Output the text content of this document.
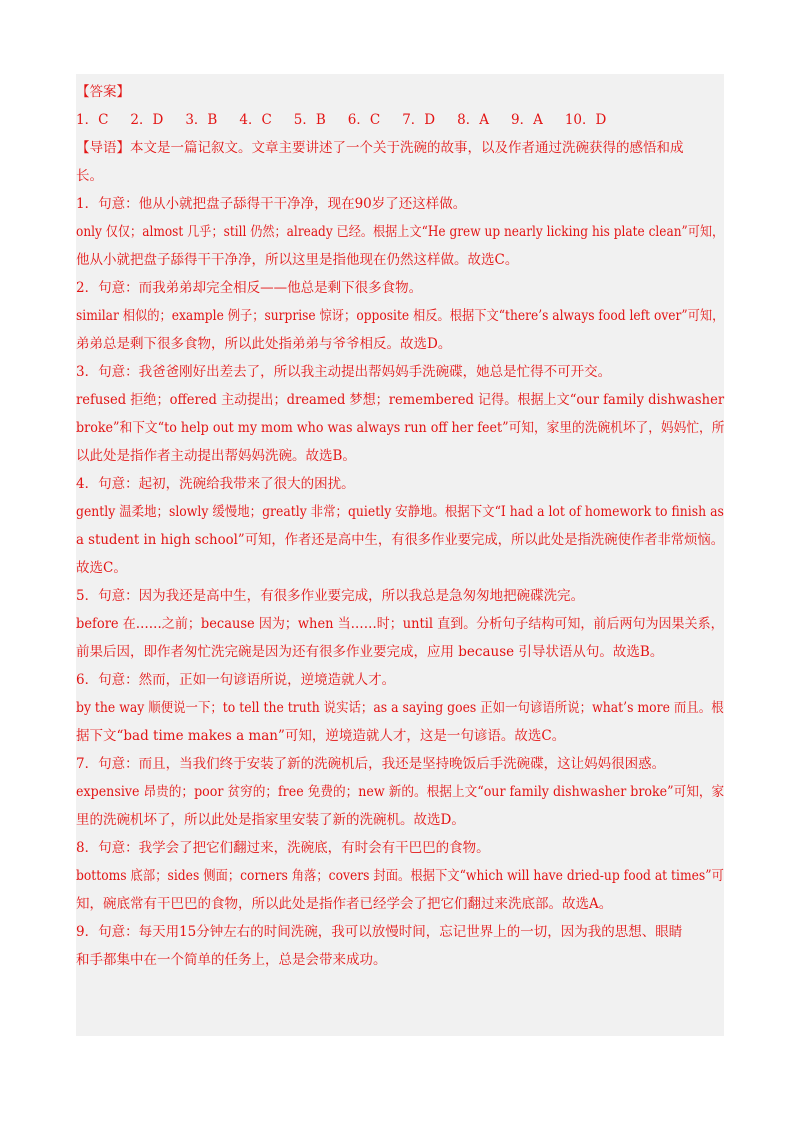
【答案】
1．C 2．D 3．B 4．C 5．B 6．C 7．D 8．A 9．A 10．D
【导语】本文是一篇记叙文。文章主要讲述了一个关于洗碗的故事，以及作者通过洗碗获得的感悟和成
长。
1．句意：他从小就把盘子舔得干干净净，现在90岁了还这样做。
only 仅仅；almost 几乎；still 仍然；already 已经。根据上文“He grew up nearly licking his plate clean”可知，
他从小就把盘子舔得干干净净，所以这里是指他现在仍然这样做。故选C。
2．句意：而我弟弟却完全相反——他总是剩下很多食物。
similar 相似的；example 例子；surprise 惊讶；opposite 相反。根据下文“there’s always food left over”可知，
弟弟总是剩下很多食物，所以此处指弟弟与爷爷相反。故选D。
3．句意：我爸爸刚好出差去了，所以我主动提出帮妈妈手洗碗碟，她总是忙得不可开交。
refused 拒绝；offered 主动提出；dreamed 梦想；remembered 记得。根据上文“our family dishwasher
broke”和下文“to help out my mom who was always run off her feet”可知，家里的洗碗机坏了，妈妈忙，所
以此处是指作者主动提出帮妈妈洗碗。故选B。
4．句意：起初，洗碗给我带来了很大的困扰。
gently 温柔地；slowly 缓慢地；greatly 非常；quietly 安静地。根据下文“I had a lot of homework to finish as
a student in high school”可知，作者还是高中生，有很多作业要完成，所以此处是指洗碗使作者非常烦恼。
故选C。
5．句意：因为我还是高中生，有很多作业要完成，所以我总是急匆匆地把碗碟洗完。
before 在……之前；because 因为；when 当……时；until 直到。分析句子结构可知，前后两句为因果关系，
前果后因，即作者匆忙洗完碗是因为还有很多作业要完成，应用 because 引导状语从句。故选B。
6．句意：然而，正如一句谚语所说，逆境造就人才。
by the way 顺便说一下；to tell the truth 说实话；as a saying goes 正如一句谚语所说；what’s more 而且。根
据下文“bad time makes a man”可知，逆境造就人才，这是一句谚语。故选C。
7．句意：而且，当我们终于安装了新的洗碗机后，我还是坚持晚饭后手洗碗碟，这让妈妈很困惑。
expensive 昂贵的；poor 贫穷的；free 免费的；new 新的。根据上文“our family dishwasher broke”可知，家
里的洗碗机坏了，所以此处是指家里安装了新的洗碗机。故选D。
8．句意：我学会了把它们翻过来，洗碗底，有时会有干巴巴的食物。
bottoms 底部；sides 侧面；corners 角落；covers 封面。根据下文“which will have dried-up food at times”可
知，碗底常有干巴巴的食物，所以此处是指作者已经学会了把它们翻过来洗底部。故选A。
9．句意：每天用15分钟左右的时间洗碗，我可以放慢时间，忘记世界上的一切，因为我的思想、眼睛
和手都集中在一个简单的任务上，总是会带来成功。
